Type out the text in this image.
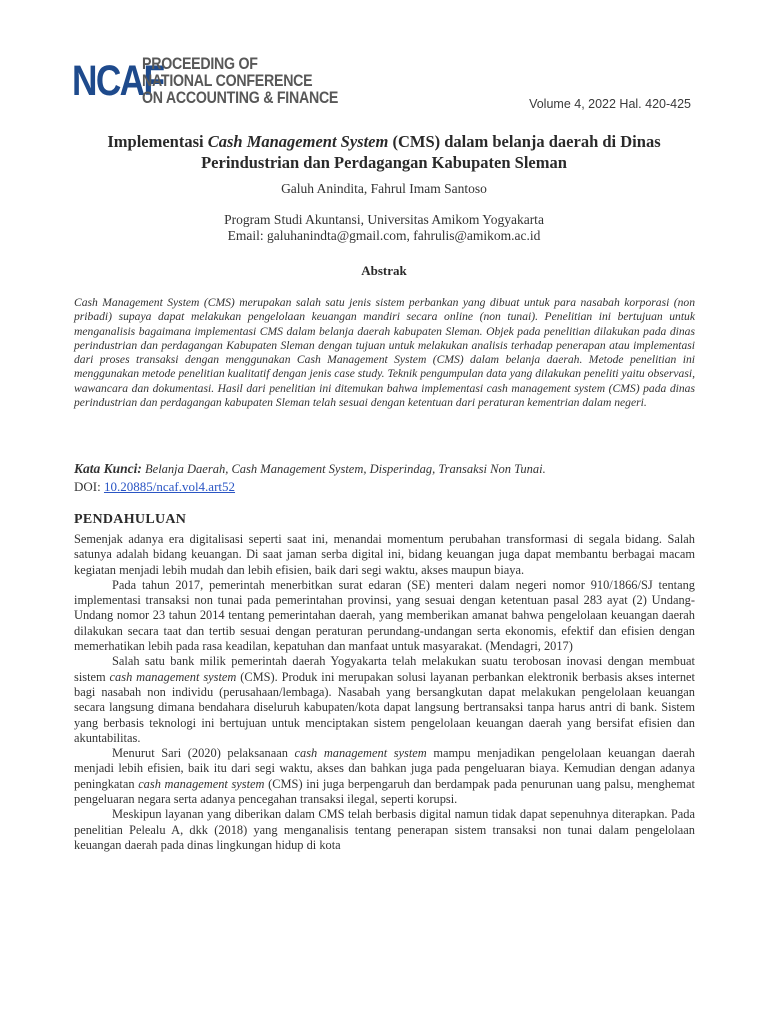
NCAF
PROCEEDING OF
NATIONAL CONFERENCE
ON ACCOUNTING & FINANCE	Volume 4, 2022 Hal. 420-425
Implementasi Cash Management System (CMS) dalam belanja daerah di Dinas
Perindustrian dan Perdagangan Kabupaten Sleman
Galuh Anindita, Fahrul Imam Santoso
Program Studi Akuntansi, Universitas Amikom Yogyakarta
Email: galuhanindta@gmail.com, fahrulis@amikom.ac.id
Abstrak

Cash Management System (CMS) merupakan salah satu jenis sistem perbankan yang dibuat untuk para nasabah korporasi (non pribadi) supaya dapat melakukan pengelolaan keuangan mandiri secara online (non tunai). Penelitian ini bertujuan untuk menganalisis bagaimana implementasi CMS dalam belanja daerah kabupaten Sleman. Objek pada penelitian dilakukan pada dinas perindustrian dan perdagangan Kabupaten Sleman dengan tujuan untuk melakukan analisis terhadap penerapan atau implementasi dari proses transaksi dengan menggunakan Cash Management System (CMS) dalam belanja daerah. Metode penelitian ini menggunakan metode penelitian kualitatif dengan jenis case study. Teknik pengumpulan data yang dilakukan peneliti yaitu observasi, wawancara dan dokumentasi. Hasil dari penelitian ini ditemukan bahwa implementasi cash management system (CMS) pada dinas perindustrian dan perdagangan kabupaten Sleman telah sesuai dengan ketentuan dari peraturan kementrian dalam negeri.

Kata Kunci: Belanja Daerah, Cash Management System, Disperindag, Transaksi Non Tunai.
DOI: 10.20885/ncaf.vol4.art52
PENDAHULUAN

Semenjak adanya era digitalisasi seperti saat ini, menandai momentum perubahan transformasi di segala bidang. Salah satunya adalah bidang keuangan. Di saat jaman serba digital ini, bidang keuangan juga dapat membantu berbagai macam kegiatan menjadi lebih mudah dan lebih efisien, baik dari segi waktu, akses maupun biaya.

Pada tahun 2017, pemerintah menerbitkan surat edaran (SE) menteri dalam negeri nomor 910/1866/SJ tentang implementasi transaksi non tunai pada pemerintahan provinsi, yang sesuai dengan ketentuan pasal 283 ayat (2) Undang-Undang nomor 23 tahun 2014 tentang pemerintahan daerah, yang memberikan amanat bahwa pengelolaan keuangan daerah dilakukan secara taat dan tertib sesuai dengan peraturan perundang-undangan serta ekonomis, efektif dan efisien dengan memerhatikan lebih pada rasa keadilan, kepatuhan dan manfaat untuk masyarakat. (Mendagri, 2017)

Salah satu bank milik pemerintah daerah Yogyakarta telah melakukan suatu terobosan inovasi dengan membuat sistem cash management system (CMS). Produk ini merupakan solusi layanan perbankan elektronik berbasis akses internet bagi nasabah non individu (perusahaan/lembaga). Nasabah yang bersangkutan dapat melakukan pengelolaan keuangan secara langsung dimana bendahara diseluruh kabupaten/kota dapat langsung bertransaksi tanpa harus antri di bank. Sistem yang berbasis teknologi ini bertujuan untuk menciptakan sistem pengelolaan keuangan daerah yang bersifat efisien dan akuntabilitas.

Menurut Sari (2020) pelaksanaan cash management system mampu menjadikan pengelolaan keuangan daerah menjadi lebih efisien, baik itu dari segi waktu, akses dan bahkan juga pada pengeluaran biaya. Kemudian dengan adanya peningkatan cash management system (CMS) ini juga berpengaruh dan berdampak pada penurunan uang palsu, menghemat pengeluaran negara serta adanya pencegahan transaksi ilegal, seperti korupsi.

Meskipun layanan yang diberikan dalam CMS telah berbasis digital namun tidak dapat sepenuhnya diterapkan. Pada penelitian Pelealu A, dkk (2018) yang menganalisis tentang penerapan sistem transaksi non tunai dalam pengelolaan keuangan daerah pada dinas lingkungan hidup di kota
